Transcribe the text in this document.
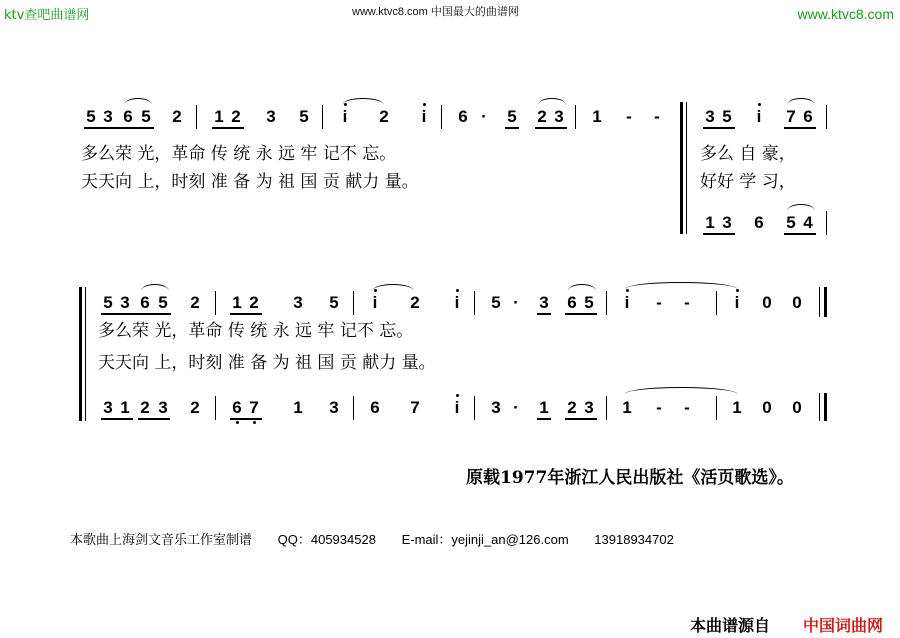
ktv查吧曲谱网	www.ktvc8.com 中国最大的曲谱网	www.ktvc8.com
5 3 6 5 2 1 2 3 5 i 2 i 6 · 5 2 3 1 - -	3 5 i 7 6
多么 自 豪，
好好 学 习，
1 3 6 5 4
多么荣 光，革命 传 统 永 远 牢 记不 忘。
天天向 上，时刻 准 备 为 祖 国 贡 献力 量。
5 3 6 5 2 1 2 3 5 i 2 i 5 · 3 6 5 i - -	i 0 0
多么荣 光，革命 传 统 永 远 牢 记不 忘。
天天向 上，时刻 准 备 为 祖 国 贡 献力 量。
3 1 2 3 2 6 7 1 3 6 7 i 3 · 1 2 3 1 - - 1 0 0
原载1977年浙江人民出版社《活页歌选》。
本歌曲上海剑文音乐工作室制谱 QQ：405934528 E-mail：yejinji_an@126.com 13918934702
本曲谱源自 中国词曲网
